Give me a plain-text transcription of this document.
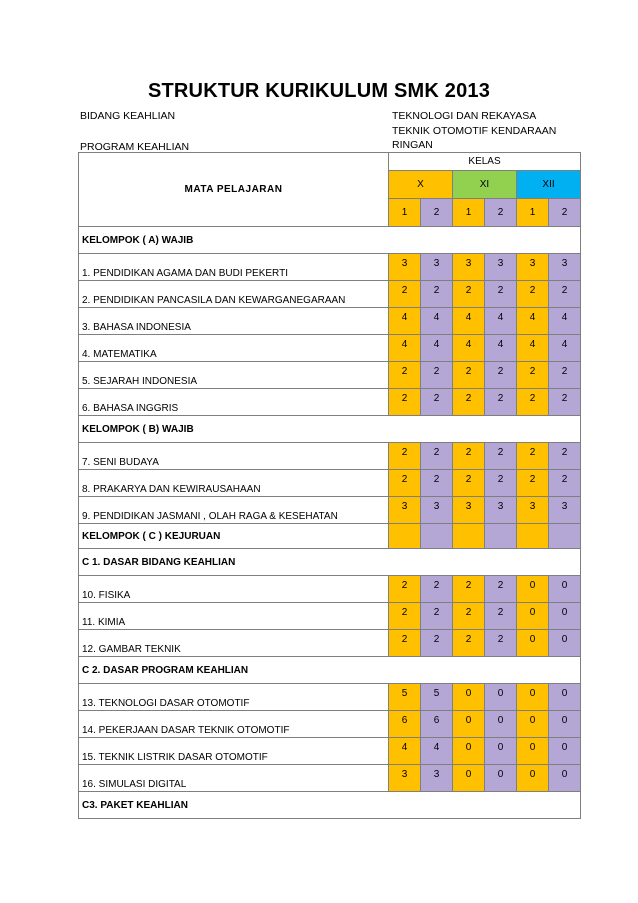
STRUKTUR KURIKULUM SMK 2013
BIDANG KEAHLIAN
PROGRAM KEAHLIAN
TEKNOLOGI DAN REKAYASA
TEKNIK OTOMOTIF KENDARAAN
RINGAN
MATA PELAJARAN	KELAS					
	X		XI		XII	
	1	2	1	2	1	2
KELOMPOK ( A) WAJIB						
1. PENDIDIKAN AGAMA DAN BUDI PEKERTI	3	3	3	3	3	3
2. PENDIDIKAN PANCASILA DAN KEWARGANEGARAAN	2	2	2	2	2	2
3. BAHASA INDONESIA	4	4	4	4	4	4
4. MATEMATIKA	4	4	4	4	4	4
5. SEJARAH INDONESIA	2	2	2	2	2	2
6. BAHASA INGGRIS	2	2	2	2	2	2
KELOMPOK ( B) WAJIB						
7. SENI BUDAYA	2	2	2	2	2	2
8. PRAKARYA DAN KEWIRAUSAHAAN	2	2	2	2	2	2
9. PENDIDIKAN JASMANI , OLAH RAGA & KESEHATAN	3	3	3	3	3	3
KELOMPOK ( C ) KEJURUAN						
C 1. DASAR BIDANG KEAHLIAN						
10. FISIKA	2	2	2	2	0	0
11. KIMIA	2	2	2	2	0	0
12. GAMBAR TEKNIK	2	2	2	2	0	0
C 2. DASAR PROGRAM KEAHLIAN						
13. TEKNOLOGI DASAR OTOMOTIF	5	5	0	0	0	0
14. PEKERJAAN DASAR TEKNIK OTOMOTIF	6	6	0	0	0	0
15. TEKNIK LISTRIK DASAR OTOMOTIF	4	4	0	0	0	0
16. SIMULASI DIGITAL	3	3	0	0	0	0
C3. PAKET KEAHLIAN						
